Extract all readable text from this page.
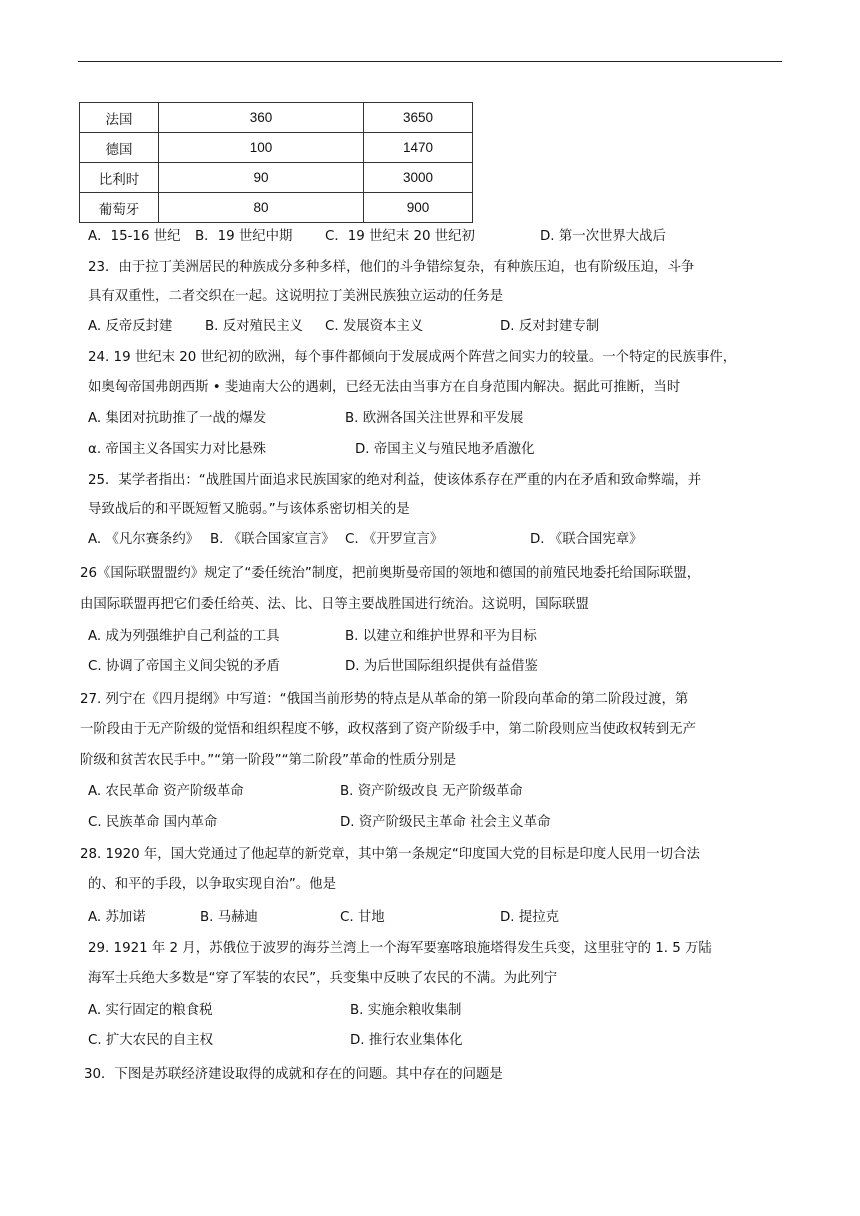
法国	360	3650
德国	100	1470
比利时	90	3000
葡萄牙	80	900
A．15-16 世纪 B．19 世纪中期 C．19 世纪末 20 世纪初	D. 第一次世界大战后
23．由于拉丁美洲居民的种族成分多种多样，他们的斗争错综复杂，有种族压迫，也有阶级压迫，斗争
具有双重性，二者交织在一起。这说明拉丁美洲民族独立运动的任务是
A. 反帝反封建 B. 反对殖民主义 C. 发展资本主义	D. 反对封建专制
24. 19 世纪末 20 世纪初的欧洲，每个事件都倾向于发展成两个阵营之间实力的较量。一个特定的民族事件，
如奥匈帝国弗朗西斯 • 斐迪南大公的遇刺，已经无法由当事方在自身范围内解决。据此可推断，当时
A. 集团对抗助推了一战的爆发	B. 欧洲各国关注世界和平发展
α. 帝国主义各国实力对比悬殊	D. 帝国主义与殖民地矛盾激化
25．某学者指出：“战胜国片面追求民族国家的绝对利益，使该体系存在严重的内在矛盾和致命弊端，并
导致战后的和平既短暂又脆弱。”与该体系密切相关的是
A. 《凡尔赛条约》 B. 《联合国家宣言》 C. 《开罗宣言》	D. 《联合国宪章》
26《国际联盟盟约》规定了“委任统治”制度，把前奥斯曼帝国的领地和德国的前殖民地委托给国际联盟，
由国际联盟再把它们委任给英、法、比、日等主要战胜国进行统治。这说明，国际联盟
A. 成为列强维护自己利益的工具	B. 以建立和维护世界和平为目标
C. 协调了帝国主义间尖锐的矛盾	D. 为后世国际组织提供有益借鉴
27. 列宁在《四月提纲》中写道：“俄国当前形势的特点是从革命的第一阶段向革命的第二阶段过渡，第
一阶段由于无产阶级的觉悟和组织程度不够，政权落到了资产阶级手中，第二阶段则应当使政权转到无产
阶级和贫苦农民手中。”“第一阶段”“第二阶段”革命的性质分别是
A. 农民革命 资产阶级革命	B. 资产阶级改良 无产阶级革命
C. 民族革命 国内革命	D. 资产阶级民主革命 社会主义革命
28. 1920 年，国大党通过了他起草的新党章，其中第一条规定“印度国大党的目标是印度人民用一切合法
的、和平的手段，以争取实现自治”。他是
A. 苏加诺	B. 马赫迪	C. 甘地	D. 提拉克
29. 1921 年 2 月，苏俄位于波罗的海芬兰湾上一个海军要塞喀琅施塔得发生兵变，这里驻守的 1. 5 万陆
海军士兵绝大多数是“穿了军装的农民”，兵变集中反映了农民的不满。为此列宁
A. 实行固定的粮食税	B. 实施余粮收集制
C. 扩大农民的自主权	D. 推行农业集体化
30．下图是苏联经济建设取得的成就和存在的问题。其中存在的问题是
